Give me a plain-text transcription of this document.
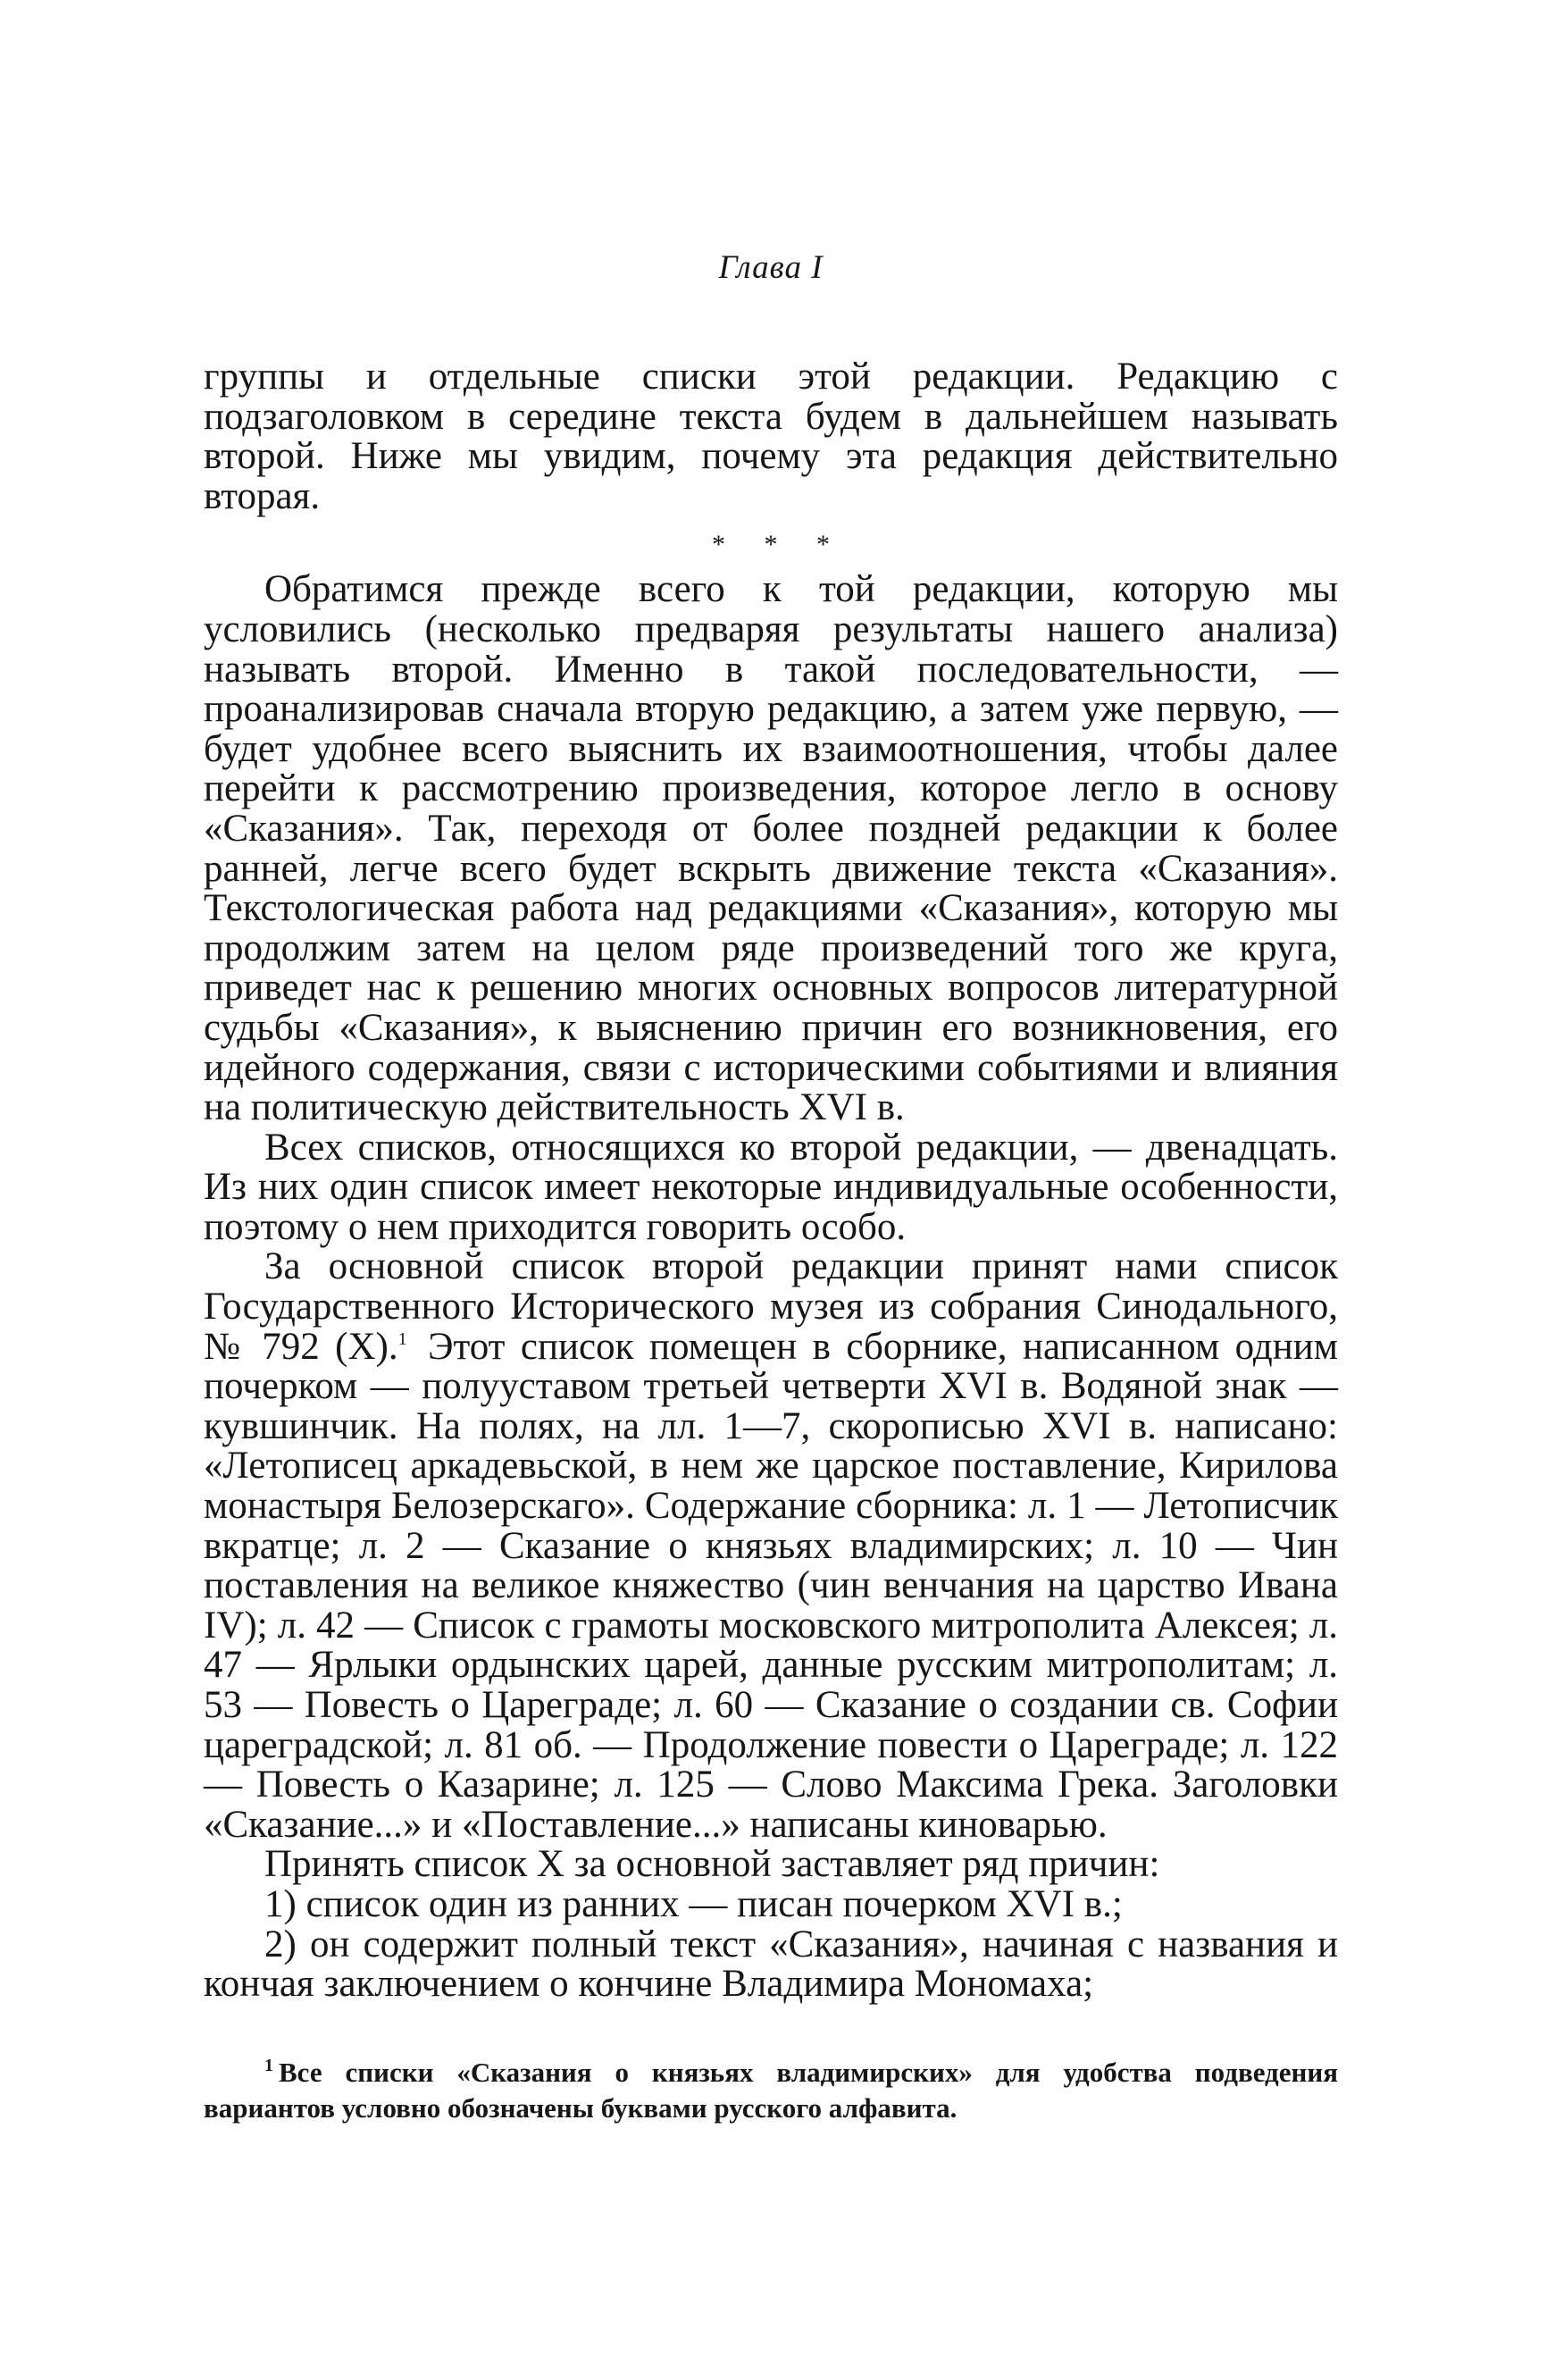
Глава I

группы и отдельные списки этой редакции. Редакцию с подзаголовком в середине текста будем в дальнейшем называть второй. Ниже мы увидим, почему эта редакция действительно вторая.

* * *

Обратимся прежде всего к той редакции, которую мы условились (несколько предваряя результаты нашего анализа) называть второй. Именно в такой последовательности, — проанализировав сначала вторую редакцию, а затем уже первую, — будет удобнее всего выяснить их взаимоотношения, чтобы далее перейти к рассмотрению произведения, которое легло в основу «Сказания». Так, переходя от более поздней редакции к более ранней, легче всего будет вскрыть движение текста «Сказания». Текстологическая работа над редакциями «Сказания», которую мы продолжим затем на целом ряде произведений того же круга, приведет нас к решению многих основных вопросов литературной судьбы «Сказания», к выяснению причин его возникновения, его идейного содержания, связи с историческими событиями и влияния на политическую действительность XVI в.

Всех списков, относящихся ко второй редакции, — двенадцать. Из них один список имеет некоторые индивидуальные особенности, поэтому о нем приходится говорить особо.

За основной список второй редакции принят нами список Государственного Исторического музея из собрания Синодального, № 792 (X).$^1$ Этот список помещен в сборнике, написанном одним почерком — полууставом третьей четверти XVI в. Водяной знак — кувшинчик. На полях, на лл. 1—7, скорописью XVI в. написано: «Летописец аркадевьской, в нем же царское поставление, Кирилова монастыря Белозерскаго». Содержание сборника: л. 1 — Летописчик вкратце; л. 2 — Сказание о князьях владимирских; л. 10 — Чин поставления на великое княжество (чин венчания на царство Ивана IV); л. 42 — Список с грамоты московского митрополита Алексея; л. 47 — Ярлыки ордынских царей, данные русским митрополитам; л. 53 — Повесть о Цареграде; л. 60 — Сказание о создании св. Софии цареградской; л. 81 об. — Продолжение повести о Цареграде; л. 122 — Повесть о Казарине; л. 125 — Слово Максима Грека. Заголовки «Сказание...» и «Поставление...» написаны киноварью.

Принять список X за основной заставляет ряд причин:

1) список один из ранних — писан почерком XVI в.;

2) он содержит полный текст «Сказания», начиная с названия и кончая заключением о кончине Владимира Мономаха;

$^1$ Все списки «Сказания о князьях владимирских» для удобства подведения вариантов условно обозначены буквами русского алфавита.
